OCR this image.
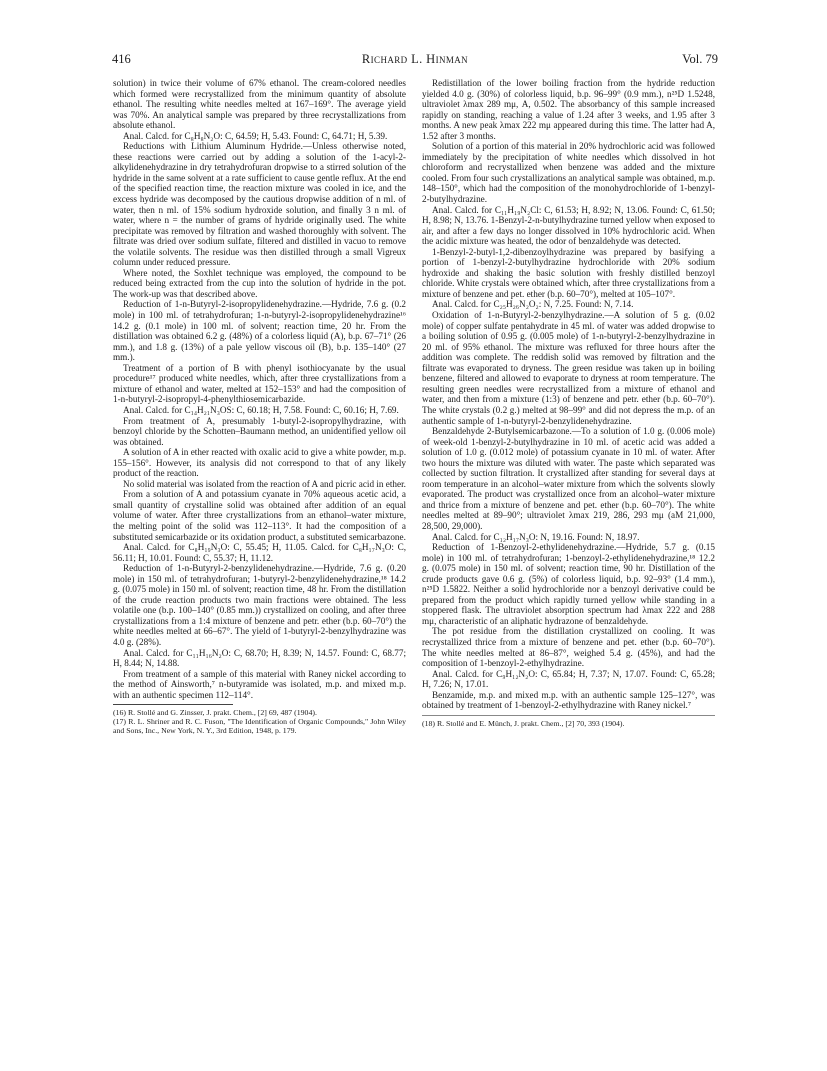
416	Richard L. Hinman	Vol. 79

solution) in twice their volume of 67% ethanol. The cream-colored needles which formed were recrystallized from the minimum quantity of absolute ethanol. The resulting white needles melted at 167–169°. The average yield was 70%. An analytical sample was prepared by three recrystallizations from absolute ethanol.

Anal. Calcd. for C₈H₈N₂O: C, 64.59; H, 5.43. Found: C, 64.71; H, 5.39.

Reductions with Lithium Aluminum Hydride.—Unless otherwise noted, these reactions were carried out by adding a solution of the 1-acyl-2-alkylidenehydrazine in dry tetrahydrofuran dropwise to a stirred solution of the hydride in the same solvent at a rate sufficient to cause gentle reflux. At the end of the specified reaction time, the reaction mixture was cooled in ice, and the excess hydride was decomposed by the cautious dropwise addition of n ml. of water, then n ml. of 15% sodium hydroxide solution, and finally 3 n ml. of water, where n = the number of grams of hydride originally used. The white precipitate was removed by filtration and washed thoroughly with solvent. The filtrate was dried over sodium sulfate, filtered and distilled in vacuo to remove the volatile solvents. The residue was then distilled through a small Vigreux column under reduced pressure.

Where noted, the Soxhlet technique was employed, the compound to be reduced being extracted from the cup into the solution of hydride in the pot. The work-up was that described above.

Reduction of 1-n-Butyryl-2-isopropylidenehydrazine.—Hydride, 7.6 g. (0.2 mole) in 100 ml. of tetrahydrofuran; 1-n-butyryl-2-isopropylidenehydrazine¹⁶ 14.2 g. (0.1 mole) in 100 ml. of solvent; reaction time, 20 hr. From the distillation was obtained 6.2 g. (48%) of a colorless liquid (A), b.p. 67–71° (26 mm.), and 1.8 g. (13%) of a pale yellow viscous oil (B), b.p. 135–140° (27 mm.).

Treatment of a portion of B with phenyl isothiocyanate by the usual procedure¹⁷ produced white needles, which, after three crystallizations from a mixture of ethanol and water, melted at 152–153° and had the composition of 1-n-butyryl-2-isopropyl-4-phenylthiosemicarbazide.

Anal. Calcd. for C₁₄H₂₁N₃OS: C, 60.18; H, 7.58. Found: C, 60.16; H, 7.69.

From treatment of A, presumably 1-butyl-2-isopropylhydrazine, with benzoyl chloride by the Schotten–Baumann method, an unidentified yellow oil was obtained.

A solution of A in ether reacted with oxalic acid to give a white powder, m.p. 155–156°. However, its analysis did not correspond to that of any likely product of the reaction.

No solid material was isolated from the reaction of A and picric acid in ether.

From a solution of A and potassium cyanate in 70% aqueous acetic acid, a small quantity of crystalline solid was obtained after addition of an equal volume of water. After three crystallizations from an ethanol–water mixture, the melting point of the solid was 112–113°. It had the composition of a substituted semicarbazide or its oxidation product, a substituted semicarbazone.

Anal. Calcd. for C₈H₁₉N₃O: C, 55.45; H, 11.05. Calcd. for C₈H₁₇N₃O: C, 56.11; H, 10.01. Found: C, 55.37; H, 11.12.

Reduction of 1-n-Butyryl-2-benzylidenehydrazine.—Hydride, 7.6 g. (0.20 mole) in 150 ml. of tetrahydrofuran; 1-butyryl-2-benzylidenehydrazine,¹⁸ 14.2 g. (0.075 mole) in 150 ml. of solvent; reaction time, 48 hr. From the distillation of the crude reaction products two main fractions were obtained. The less volatile one (b.p. 100–140° (0.85 mm.)) crystallized on cooling, and after three crystallizations from a 1:4 mixture of benzene and petr. ether (b.p. 60–70°) the white needles melted at 66–67°. The yield of 1-butyryl-2-benzylhydrazine was 4.0 g. (28%).

Anal. Calcd. for C₁₁H₁₆N₂O: C, 68.70; H, 8.39; N, 14.57. Found: C, 68.77; H, 8.44; N, 14.88.

From treatment of a sample of this material with Raney nickel according to the method of Ainsworth,⁷ n-butyramide was isolated, m.p. and mixed m.p. with an authentic specimen 112–114°.

(16) R. Stollé and G. Zinsser, J. prakt. Chem., [2] 69, 487 (1904).

(17) R. L. Shriner and R. C. Fuson, "The Identification of Organic Compounds," John Wiley and Sons, Inc., New York, N. Y., 3rd Edition, 1948, p. 179.

Redistillation of the lower boiling fraction from the hydride reduction yielded 4.0 g. (30%) of colorless liquid, b.p. 96–99° (0.9 mm.), n²⁵D 1.5248, ultraviolet λmax 289 mμ, A, 0.502. The absorbancy of this sample increased rapidly on standing, reaching a value of 1.24 after 3 weeks, and 1.95 after 3 months. A new peak λmax 222 mμ appeared during this time. The latter had A, 1.52 after 3 months.

Solution of a portion of this material in 20% hydrochloric acid was followed immediately by the precipitation of white needles which dissolved in hot chloroform and recrystallized when benzene was added and the mixture cooled. From four such crystallizations an analytical sample was obtained, m.p. 148–150°, which had the composition of the monohydrochloride of 1-benzyl-2-butylhydrazine.

Anal. Calcd. for C₁₁H₁₉N₂Cl: C, 61.53; H, 8.92; N, 13.06. Found: C, 61.50; H, 8.98; N, 13.76. 1-Benzyl-2-n-butylhydrazine turned yellow when exposed to air, and after a few days no longer dissolved in 10% hydrochloric acid. When the acidic mixture was heated, the odor of benzaldehyde was detected.

1-Benzyl-2-butyl-1,2-dibenzoylhydrazine was prepared by basifying a portion of 1-benzyl-2-butylhydrazine hydrochloride with 20% sodium hydroxide and shaking the basic solution with freshly distilled benzoyl chloride. White crystals were obtained which, after three crystallizations from a mixture of benzene and pet. ether (b.p. 60–70°), melted at 105–107°.

Anal. Calcd. for C₂₅H₂₆N₂O₂: N, 7.25. Found: N, 7.14.

Oxidation of 1-n-Butyryl-2-benzylhydrazine.—A solution of 5 g. (0.02 mole) of copper sulfate pentahydrate in 45 ml. of water was added dropwise to a boiling solution of 0.95 g. (0.005 mole) of 1-n-butyryl-2-benzylhydrazine in 20 ml. of 95% ethanol. The mixture was refluxed for three hours after the addition was complete. The reddish solid was removed by filtration and the filtrate was evaporated to dryness. The green residue was taken up in boiling benzene, filtered and allowed to evaporate to dryness at room temperature. The resulting green needles were recrystallized from a mixture of ethanol and water, and then from a mixture (1:3) of benzene and petr. ether (b.p. 60–70°). The white crystals (0.2 g.) melted at 98–99° and did not depress the m.p. of an authentic sample of 1-n-butyryl-2-benzylidenehydrazine.

Benzaldehyde 2-Butylsemicarbazone.—To a solution of 1.0 g. (0.006 mole) of week-old 1-benzyl-2-butylhydrazine in 10 ml. of acetic acid was added a solution of 1.0 g. (0.012 mole) of potassium cyanate in 10 ml. of water. After two hours the mixture was diluted with water. The paste which separated was collected by suction filtration. It crystallized after standing for several days at room temperature in an alcohol–water mixture from which the solvents slowly evaporated. The product was crystallized once from an alcohol–water mixture and thrice from a mixture of benzene and pet. ether (b.p. 60–70°). The white needles melted at 89–90°; ultraviolet λmax 219, 286, 293 mμ (aM 21,000, 28,500, 29,000).

Anal. Calcd. for C₁₂H₁₇N₃O: N, 19.16. Found: N, 18.97.

Reduction of 1-Benzoyl-2-ethylidenehydrazine.—Hydride, 5.7 g. (0.15 mole) in 100 ml. of tetrahydrofuran; 1-benzoyl-2-ethylidenehydrazine,¹⁸ 12.2 g. (0.075 mole) in 150 ml. of solvent; reaction time, 90 hr. Distillation of the crude products gave 0.6 g. (5%) of colorless liquid, b.p. 92–93° (1.4 mm.), n²⁵D 1.5822. Neither a solid hydrochloride nor a benzoyl derivative could be prepared from the product which rapidly turned yellow while standing in a stoppered flask. The ultraviolet absorption spectrum had λmax 222 and 288 mμ, characteristic of an aliphatic hydrazone of benzaldehyde.

The pot residue from the distillation crystallized on cooling. It was recrystallized thrice from a mixture of benzene and pet. ether (b.p. 60–70°). The white needles melted at 86–87°, weighed 5.4 g. (45%), and had the composition of 1-benzoyl-2-ethylhydrazine.

Anal. Calcd. for C₉H₁₂N₂O: C, 65.84; H, 7.37; N, 17.07. Found: C, 65.28; H, 7.26; N, 17.01.

Benzamide, m.p. and mixed m.p. with an authentic sample 125–127°, was obtained by treatment of 1-benzoyl-2-ethylhydrazine with Raney nickel.⁷

(18) R. Stollé and E. Münch, J. prakt. Chem., [2] 70, 393 (1904).
